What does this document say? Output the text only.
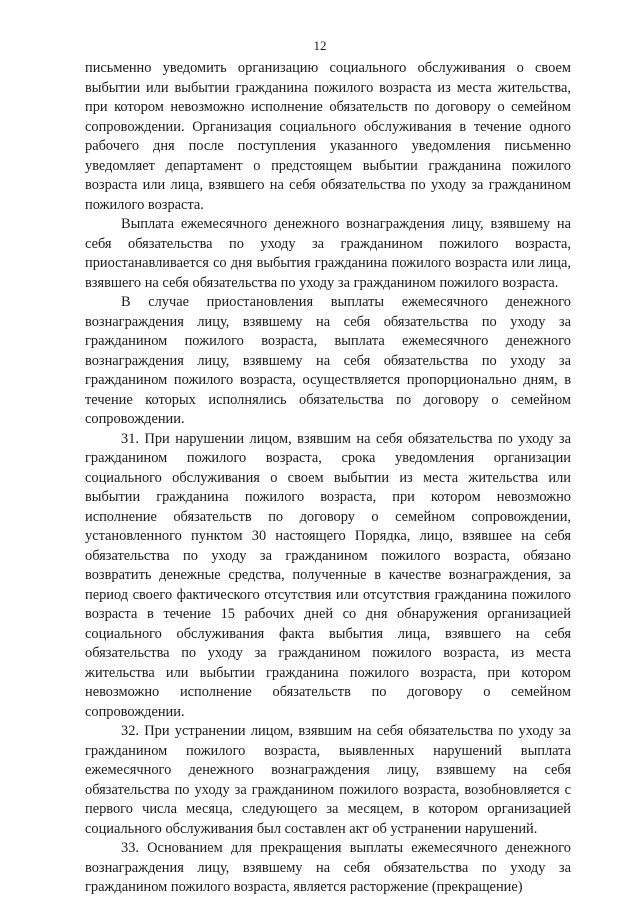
12

письменно уведомить организацию социального обслуживания о своем выбытии или выбытии гражданина пожилого возраста из места жительства, при котором невозможно исполнение обязательств по договору о семейном сопровождении. Организация социального обслуживания в течение одного рабочего дня после поступления указанного уведомления письменно уведомляет департамент о предстоящем выбытии гражданина пожилого возраста или лица, взявшего на себя обязательства по уходу за гражданином пожилого возраста.

Выплата ежемесячного денежного вознаграждения лицу, взявшему на себя обязательства по уходу за гражданином пожилого возраста, приостанавливается со дня выбытия гражданина пожилого возраста или лица, взявшего на себя обязательства по уходу за гражданином пожилого возраста.

В случае приостановления выплаты ежемесячного денежного вознаграждения лицу, взявшему на себя обязательства по уходу за гражданином пожилого возраста, выплата ежемесячного денежного вознаграждения лицу, взявшему на себя обязательства по уходу за гражданином пожилого возраста, осуществляется пропорционально дням, в течение которых исполнялись обязательства по договору о семейном сопровождении.

31. При нарушении лицом, взявшим на себя обязательства по уходу за гражданином пожилого возраста, срока уведомления организации социального обслуживания о своем выбытии из места жительства или выбытии гражданина пожилого возраста, при котором невозможно исполнение обязательств по договору о семейном сопровождении, установленного пунктом 30 настоящего Порядка, лицо, взявшее на себя обязательства по уходу за гражданином пожилого возраста, обязано возвратить денежные средства, полученные в качестве вознаграждения, за период своего фактического отсутствия или отсутствия гражданина пожилого возраста в течение 15 рабочих дней со дня обнаружения организацией социального обслуживания факта выбытия лица, взявшего на себя обязательства по уходу за гражданином пожилого возраста, из места жительства или выбытии гражданина пожилого возраста, при котором невозможно исполнение обязательств по договору о семейном сопровождении.

32. При устранении лицом, взявшим на себя обязательства по уходу за гражданином пожилого возраста, выявленных нарушений выплата ежемесячного денежного вознаграждения лицу, взявшему на себя обязательства по уходу за гражданином пожилого возраста, возобновляется с первого числа месяца, следующего за месяцем, в котором организацией социального обслуживания был составлен акт об устранении нарушений.

33. Основанием для прекращения выплаты ежемесячного денежного вознаграждения лицу, взявшему на себя обязательства по уходу за гражданином пожилого возраста, является расторжение (прекращение)
